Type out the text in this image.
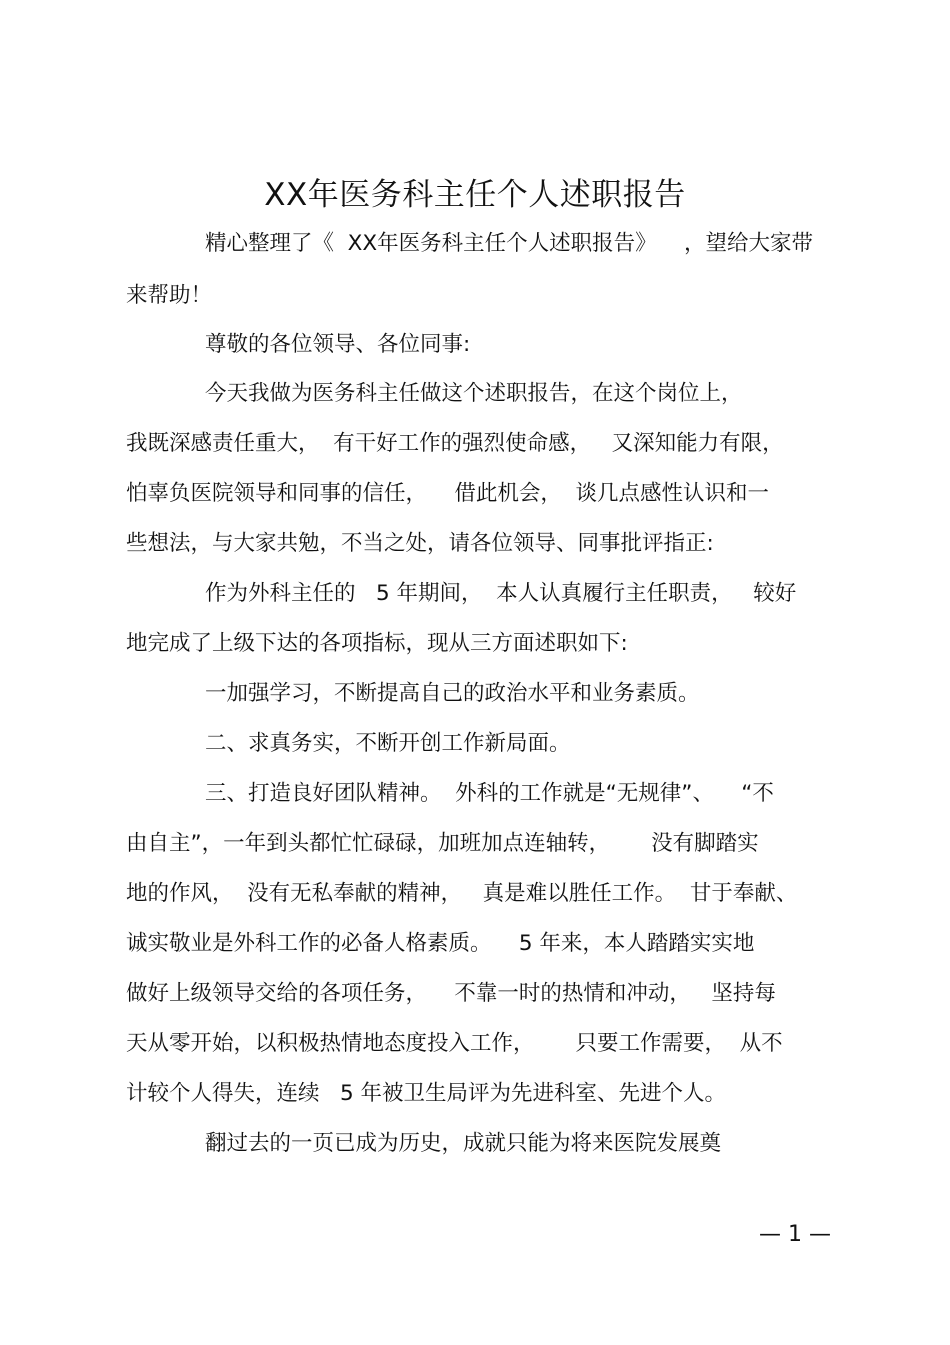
XX年医务科主任个人述职报告
精心整理了《  XX年医务科主任个人述职报告》    ，望给大家带
来帮助！
尊敬的各位领导、各位同事:
今天我做为医务科主任做这个述职报告，在这个岗位上，
我既深感责任重大，  有干好工作的强烈使命感，   又深知能力有限，
怕辜负医院领导和同事的信任，    借此机会，  谈几点感性认识和一
些想法，与大家共勉，不当之处，请各位领导、同事批评指正:
作为外科主任的   5 年期间，  本人认真履行主任职责，   较好
地完成了上级下达的各项指标，现从三方面述职如下:
一加强学习，不断提高自己的政治水平和业务素质。
二、求真务实，不断开创工作新局面。
三、打造良好团队精神。  外科的工作就是“无规律”、    “不
由自主”，一年到头都忙忙碌碌，加班加点连轴转，      没有脚踏实
地的作风，  没有无私奉献的精神，   真是难以胜任工作。  甘于奉献、
诚实敬业是外科工作的必备人格素质。    5 年来，本人踏踏实实地
做好上级领导交给的各项任务，    不靠一时的热情和冲动，   坚持每
天从零开始，以积极热情地态度投入工作，      只要工作需要，  从不
计较个人得失，连续   5 年被卫生局评为先进科室、先进个人。
翻过去的一页已成为历史，成就只能为将来医院发展奠
— 1 —
